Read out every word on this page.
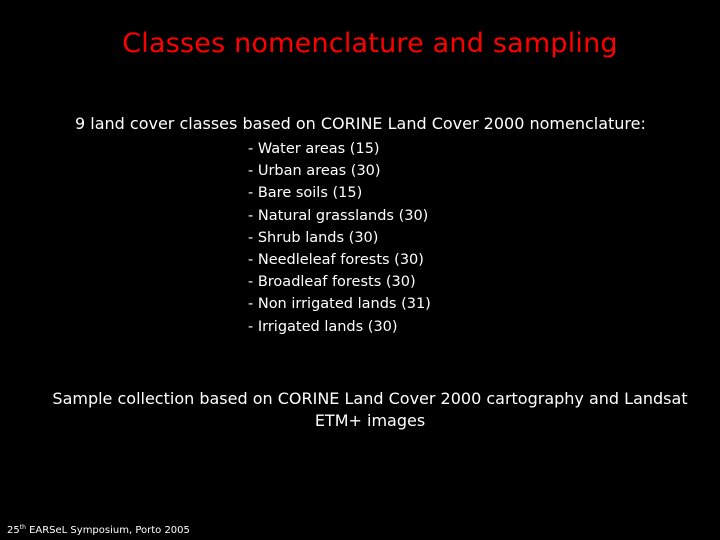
Classes nomenclature and sampling
9 land cover classes based on CORINE Land Cover 2000 nomenclature:
- Water areas (15)
- Urban areas (30)
- Bare soils (15)
- Natural grasslands (30)
- Shrub lands (30)
- Needleleaf forests (30)
- Broadleaf forests (30)
- Non irrigated lands (31)
- Irrigated lands (30)
Sample collection based on CORINE Land Cover 2000 cartography and Landsat ETM+ images
25th EARSeL Symposium, Porto 2005
